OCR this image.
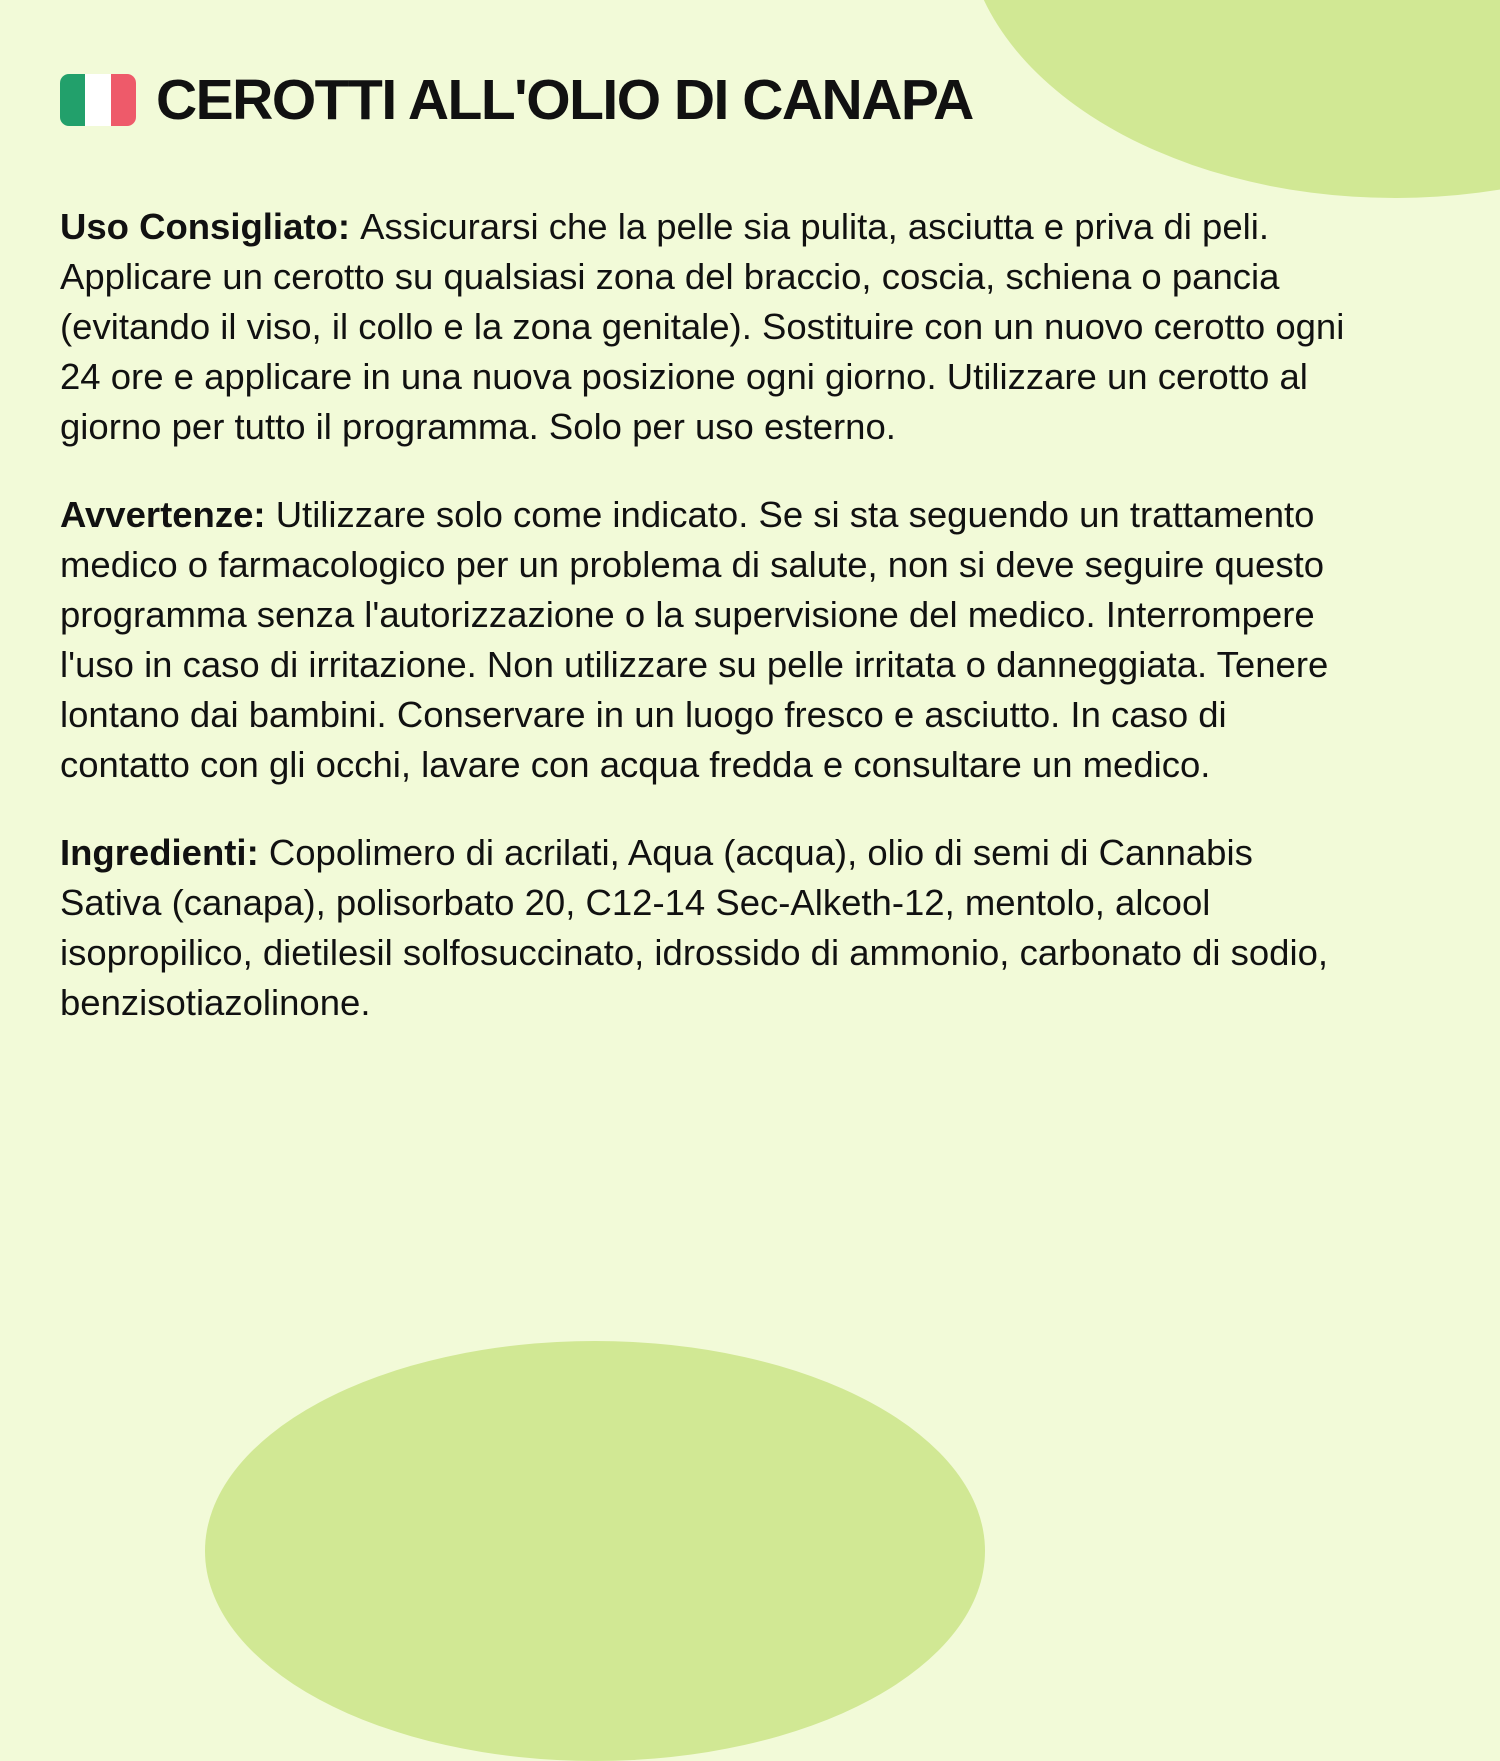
CEROTTI ALL'OLIO DI CANAPA

Uso Consigliato: Assicurarsi che la pelle sia pulita, asciutta e priva di peli. Applicare un cerotto su qualsiasi zona del braccio, coscia, schiena o pancia (evitando il viso, il collo e la zona genitale). Sostituire con un nuovo cerotto ogni 24 ore e applicare in una nuova posizione ogni giorno. Utilizzare un cerotto al giorno per tutto il programma. Solo per uso esterno.

Avvertenze: Utilizzare solo come indicato. Se si sta seguendo un trattamento medico o farmacologico per un problema di salute, non si deve seguire questo programma senza l'autorizzazione o la supervisione del medico. Interrompere l'uso in caso di irritazione. Non utilizzare su pelle irritata o danneggiata. Tenere lontano dai bambini. Conservare in un luogo fresco e asciutto. In caso di contatto con gli occhi, lavare con acqua fredda e consultare un medico.

Ingredienti: Copolimero di acrilati, Aqua (acqua), olio di semi di Cannabis Sativa (canapa), polisorbato 20, C12-14 Sec-Alketh-12, mentolo, alcool isopropilico, dietilesil solfosuccinato, idrossido di ammonio, carbonato di sodio, benzisotiazolinone.
